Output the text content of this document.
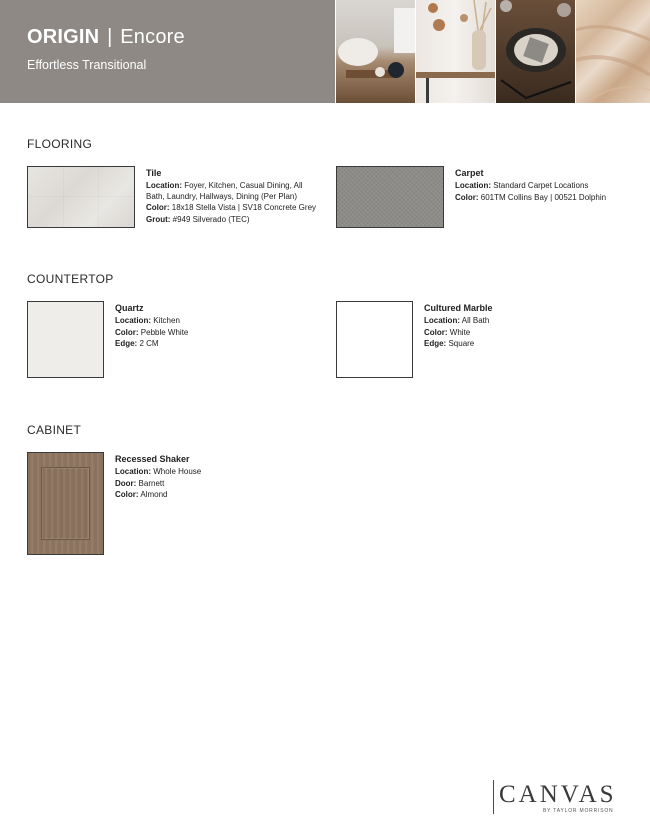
ORIGIN | Encore
Effortless Transitional
FLOORING
Tile
Location: Foyer, Kitchen, Casual Dining, All Bath, Laundry, Hallways, Dining (Per Plan)
Color: 18x18 Stella Vista | SV18 Concrete Grey
Grout: #949 Silverado (TEC)
Carpet
Location: Standard Carpet Locations
Color: 601TM Collins Bay | 00521 Dolphin
COUNTERTOP
Quartz
Location: Kitchen
Color: Pebble White
Edge: 2 CM
Cultured Marble
Location: All Bath
Color: White
Edge: Square
CABINET
Recessed Shaker
Location: Whole House
Door: Barnett
Color: Almond
CANVAS
BY TAYLOR MORRISON
